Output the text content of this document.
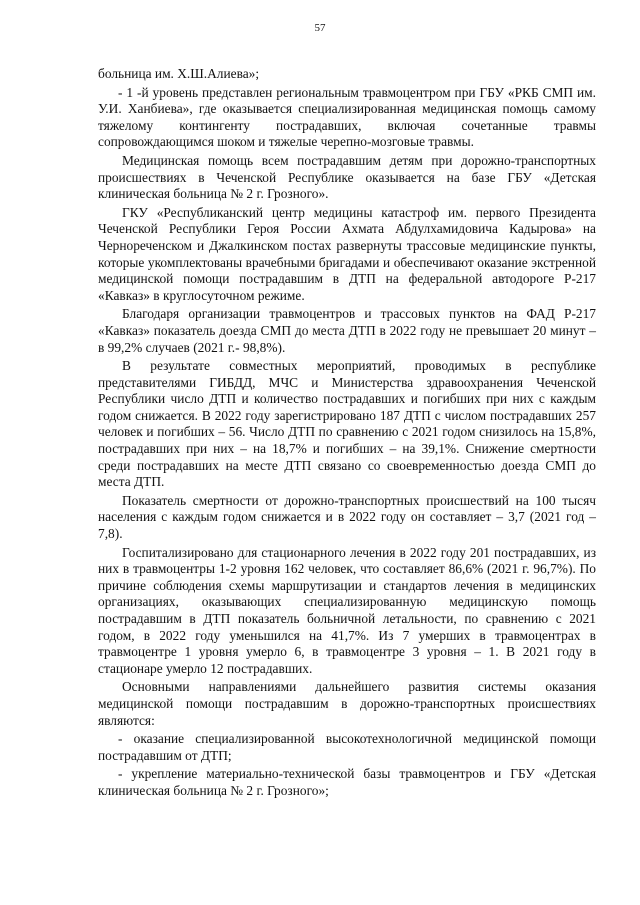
57

больница им. Х.Ш.Алиева»;

- 1 -й уровень представлен региональным травмоцентром при ГБУ «РКБ СМП им. У.И. Ханбиева», где оказывается специализированная медицинская помощь самому тяжелому контингенту пострадавших, включая сочетанные травмы сопровождающимся шоком и тяжелые черепно-мозговые травмы.

Медицинская помощь всем пострадавшим детям при дорожно-транспортных происшествиях в Чеченской Республике оказывается на базе ГБУ «Детская клиническая больница № 2 г. Грозного».

ГКУ «Республиканский центр медицины катастроф им. первого Президента Чеченской Республики Героя России Ахмата Абдулхамидовича Кадырова» на Чернореченском и Джалкинском постах развернуты трассовые медицинские пункты, которые укомплектованы врачебными бригадами и обеспечивают оказание экстренной медицинской помощи пострадавшим в ДТП на федеральной автодороге Р-217 «Кавказ» в круглосуточном режиме.

Благодаря организации травмоцентров и трассовых пунктов на ФАД Р-217 «Кавказ» показатель доезда СМП до места ДТП в 2022 году не превышает 20 минут – в 99,2% случаев (2021 г.- 98,8%).

В результате совместных мероприятий, проводимых в республике представителями ГИБДД, МЧС и Министерства здравоохранения Чеченской Республики число ДТП и количество пострадавших и погибших при них с каждым годом снижается. В 2022 году зарегистрировано 187 ДТП с числом пострадавших 257 человек и погибших – 56. Число ДТП по сравнению с 2021 годом снизилось на 15,8%, пострадавших при них – на 18,7% и погибших – на 39,1%. Снижение смертности среди пострадавших на месте ДТП связано со своевременностью доезда СМП до места ДТП.

Показатель смертности от дорожно-транспортных происшествий на 100 тысяч населения с каждым годом снижается и в 2022 году он составляет – 3,7 (2021 год – 7,8).

Госпитализировано для стационарного лечения в 2022 году 201 пострадавших, из них в травмоцентры 1-2 уровня 162 человек, что составляет 86,6% (2021 г. 96,7%). По причине соблюдения схемы маршрутизации и стандартов лечения в медицинских организациях, оказывающих специализированную медицинскую помощь пострадавшим в ДТП показатель больничной летальности, по сравнению с 2021 годом, в 2022 году уменьшился на 41,7%. Из 7 умерших в травмоцентрах в травмоцентре 1 уровня умерло 6, в травмоцентре 3 уровня – 1. В 2021 году в стационаре умерло 12 пострадавших.

Основными направлениями дальнейшего развития системы оказания медицинской помощи пострадавшим в дорожно-транспортных происшествиях являются:

- оказание специализированной высокотехнологичной медицинской помощи пострадавшим от ДТП;

- укрепление материально-технической базы травмоцентров и ГБУ «Детская клиническая больница № 2 г. Грозного»;
